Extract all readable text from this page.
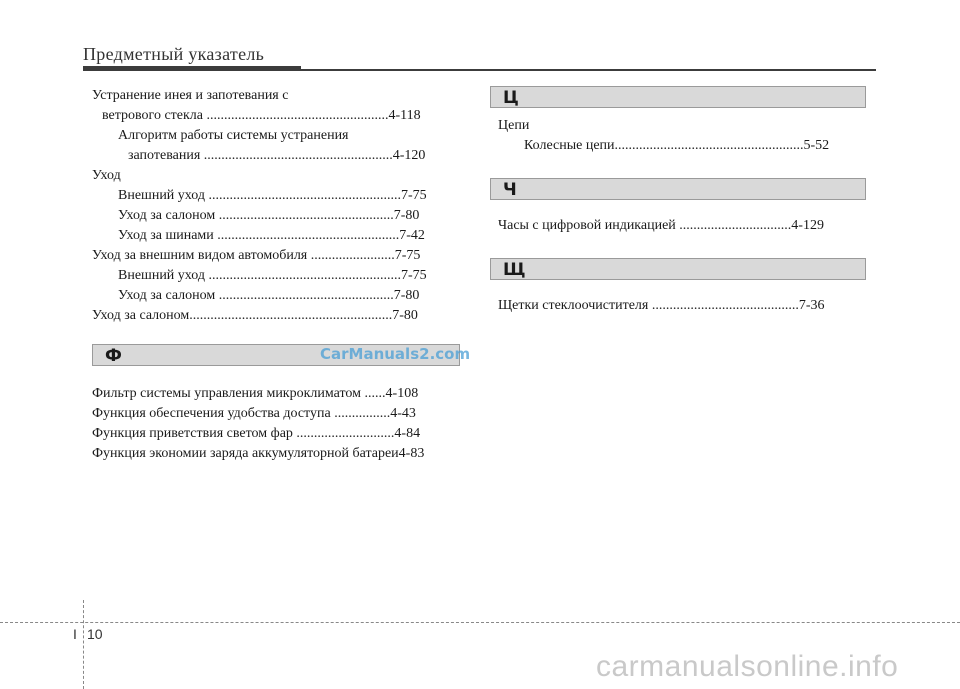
Предметный указатель
Устранение инея и запотевания с
ветрового стекла ....................................................4-118
Алгоритм работы системы устранения
запотевания ......................................................4-120
Уход
Внешний уход .......................................................7-75
Уход за салоном ..................................................7-80
Уход за шинами ....................................................7-42
Уход за внешним видом автомобиля ........................7-75
Внешний уход .......................................................7-75
Уход за салоном ..................................................7-80
Уход за салоном..........................................................7-80
Ф
Фильтр системы управления микроклиматом ......4-108
Функция обеспечения удобства доступа ................4-43
Функция приветствия светом фар ............................4-84
Функция экономии заряда аккумуляторной батареи4-83
Ц
Цепи
Колесные цепи......................................................5-52
Ч
Часы с цифровой индикацией ................................4-129
Щ
Щетки стеклоочистителя ..........................................7-36
CarManuals2.com
I 10
carmanualsonline.info
